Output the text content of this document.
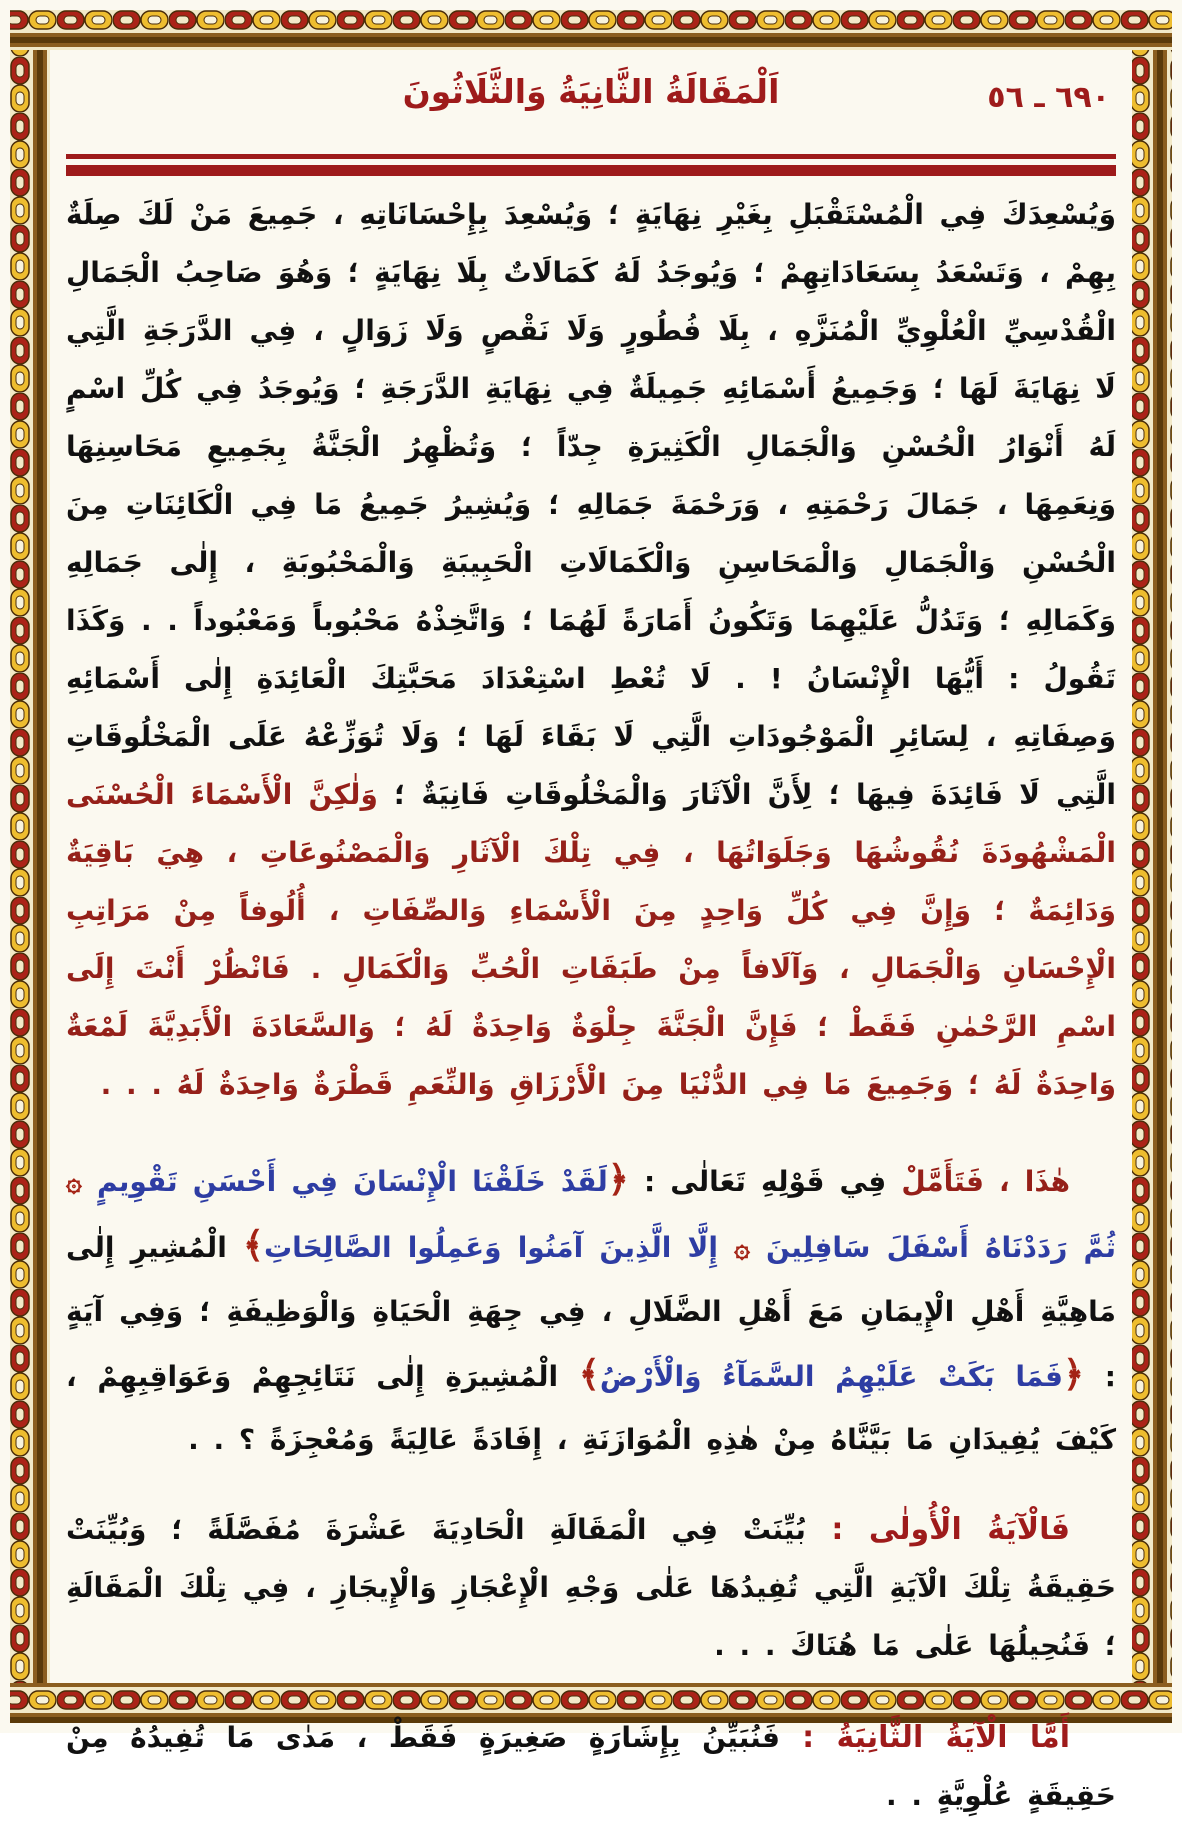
٦٩٠ ـ ٥٦
اَلْمَقَالَةُ الثَّانِيَةُ وَالثَّلَاثُونَ

وَيُسْعِدَكَ فِي الْمُسْتَقْبَلِ بِغَيْرِ نِهَايَةٍ ؛ وَيُسْعِدَ بِإِحْسَانَاتِهِ ، جَمِيعَ مَنْ لَكَ صِلَةٌ بِهِمْ ، وَتَسْعَدُ بِسَعَادَاتِهِمْ ؛ وَيُوجَدُ لَهُ كَمَالَاتٌ بِلَا نِهَايَةٍ ؛ وَهُوَ صَاحِبُ الْجَمَالِ الْقُدْسِيِّ الْعُلْوِيِّ الْمُنَزَّهِ ، بِلَا فُطُورٍ وَلَا نَقْصٍ وَلَا زَوَالٍ ، فِي الدَّرَجَةِ الَّتِي لَا نِهَايَةَ لَهَا ؛ وَجَمِيعُ أَسْمَائِهِ جَمِيلَةٌ فِي نِهَايَةِ الدَّرَجَةِ ؛ وَيُوجَدُ فِي كُلِّ اسْمٍ لَهُ أَنْوَارُ الْحُسْنِ وَالْجَمَالِ الْكَثِيرَةِ جِدّاً ؛ وَتُظْهِرُ الْجَنَّةُ بِجَمِيعِ مَحَاسِنِهَا وَنِعَمِهَا ، جَمَالَ رَحْمَتِهِ ، وَرَحْمَةَ جَمَالِهِ ؛ وَيُشِيرُ جَمِيعُ مَا فِي الْكَائِنَاتِ مِنَ الْحُسْنِ وَالْجَمَالِ وَالْمَحَاسِنِ وَالْكَمَالَاتِ الْحَبِيبَةِ وَالْمَحْبُوبَةِ ، إِلٰى جَمَالِهِ وَكَمَالِهِ ؛ وَتَدُلُّ عَلَيْهِمَا وَتَكُونُ أَمَارَةً لَهُمَا ؛ وَاتَّخِذْهُ مَحْبُوباً وَمَعْبُوداً . . وَكَذَا تَقُولُ : أَيُّهَا الْإِنْسَانُ ! . لَا تُعْطِ اسْتِعْدَادَ مَحَبَّتِكَ الْعَائِدَةِ إِلٰى أَسْمَائِهِ وَصِفَاتِهِ ، لِسَائِرِ الْمَوْجُودَاتِ الَّتِي لَا بَقَاءَ لَهَا ؛ وَلَا تُوَزِّعْهُ عَلَى الْمَخْلُوقَاتِ الَّتِي لَا فَائِدَةَ فِيهَا ؛ لِأَنَّ الْآثَارَ وَالْمَخْلُوقَاتِ فَانِيَةٌ ؛ وَلٰكِنَّ الْأَسْمَاءَ الْحُسْنَى الْمَشْهُودَةَ نُقُوشُهَا وَجَلَوَاتُهَا ، فِي تِلْكَ الْآثَارِ وَالْمَصْنُوعَاتِ ، هِيَ بَاقِيَةٌ وَدَائِمَةٌ ؛ وَإِنَّ فِي كُلِّ وَاحِدٍ مِنَ الْأَسْمَاءِ وَالصِّفَاتِ ، أُلُوفاً مِنْ مَرَاتِبِ الْإِحْسَانِ وَالْجَمَالِ ، وَآلَافاً مِنْ طَبَقَاتِ الْحُبِّ وَالْكَمَالِ . فَانْظُرْ أَنْتَ إِلَى اسْمِ الرَّحْمٰنِ فَقَطْ ؛ فَإِنَّ الْجَنَّةَ جِلْوَةٌ وَاحِدَةٌ لَهُ ؛ وَالسَّعَادَةَ الْأَبَدِيَّةَ لَمْعَةٌ وَاحِدَةٌ لَهُ ؛ وَجَمِيعَ مَا فِي الدُّنْيَا مِنَ الْأَرْزَاقِ وَالنِّعَمِ قَطْرَةٌ وَاحِدَةٌ لَهُ . . .

هٰذَا ، فَتَأَمَّلْ فِي قَوْلِهِ تَعَالٰى : ﴿لَقَدْ خَلَقْنَا الْإِنْسَانَ فِي أَحْسَنِ تَقْوِيمٍ ۞ ثُمَّ رَدَدْنَاهُ أَسْفَلَ سَافِلِينَ ۞ إِلَّا الَّذِينَ آمَنُوا وَعَمِلُوا الصَّالِحَاتِ﴾ الْمُشِيرِ إِلٰى مَاهِيَّةِ أَهْلِ الْإِيمَانِ مَعَ أَهْلِ الضَّلَالِ ، فِي جِهَةِ الْحَيَاةِ وَالْوَظِيفَةِ ؛ وَفِي آيَةٍ : ﴿فَمَا بَكَتْ عَلَيْهِمُ السَّمَآءُ وَالْأَرْضُ﴾ الْمُشِيرَةِ إِلٰى نَتَائِجِهِمْ وَعَوَاقِبِهِمْ ، كَيْفَ يُفِيدَانِ مَا بَيَّنَّاهُ مِنْ هٰذِهِ الْمُوَازَنَةِ ، إِفَادَةً عَالِيَةً وَمُعْجِزَةً ؟ . .

فَالْآيَةُ الْأُولٰى : بُيِّنَتْ فِي الْمَقَالَةِ الْحَادِيَةَ عَشْرَةَ مُفَصَّلَةً ؛ وَبُيِّنَتْ حَقِيقَةُ تِلْكَ الْآيَةِ الَّتِي تُفِيدُهَا عَلٰى وَجْهِ الْإِعْجَازِ وَالْإِيجَازِ ، فِي تِلْكَ الْمَقَالَةِ ؛ فَنُحِيلُهَا عَلٰى مَا هُنَاكَ . . .

أَمَّا الْآيَةُ الثَّانِيَةُ : فَنُبَيِّنُ بِإِشَارَةٍ صَغِيرَةٍ فَقَطْ ، مَدٰى مَا تُفِيدُهُ مِنْ حَقِيقَةٍ عُلْوِيَّةٍ . .
